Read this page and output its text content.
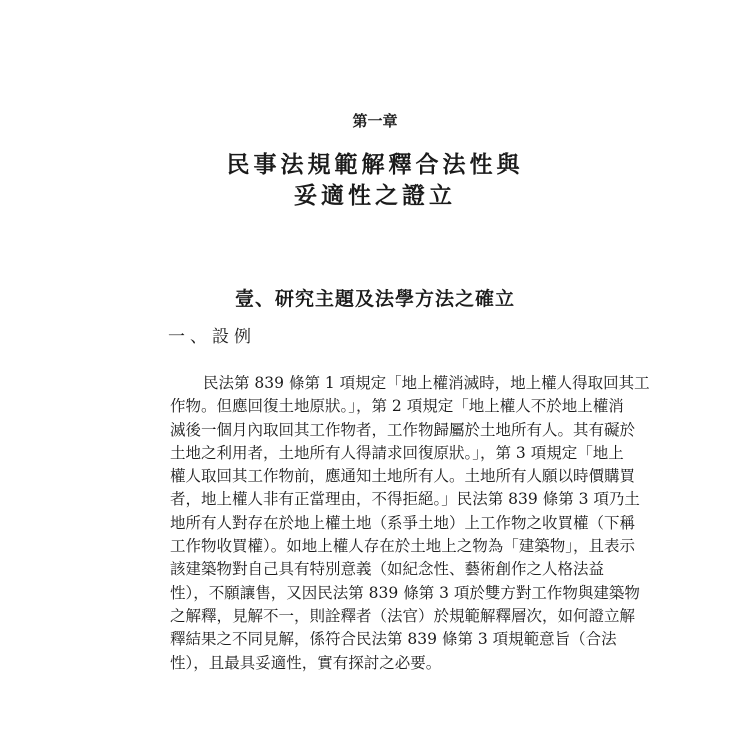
第一章
民事法規範解釋合法性與
妥適性之證立
壹、研究主題及法學方法之確立
一、設例
民法第 839 條第 1 項規定「地上權消滅時，地上權人得取回其工
作物。但應回復土地原狀。」，第 2 項規定「地上權人不於地上權消
滅後一個月內取回其工作物者，工作物歸屬於土地所有人。其有礙於
土地之利用者，土地所有人得請求回復原狀。」，第 3 項規定「地上
權人取回其工作物前，應通知土地所有人。土地所有人願以時價購買
者，地上權人非有正當理由，不得拒絕。」民法第 839 條第 3 項乃土
地所有人對存在於地上權土地（系爭土地）上工作物之收買權（下稱
工作物收買權）。如地上權人存在於土地上之物為「建築物」，且表示
該建築物對自己具有特別意義（如紀念性、藝術創作之人格法益
性），不願讓售，又因民法第 839 條第 3 項於雙方對工作物與建築物
之解釋，見解不一，則詮釋者（法官）於規範解釋層次，如何證立解
釋結果之不同見解，係符合民法第 839 條第 3 項規範意旨（合法
性），且最具妥適性，實有探討之必要。
